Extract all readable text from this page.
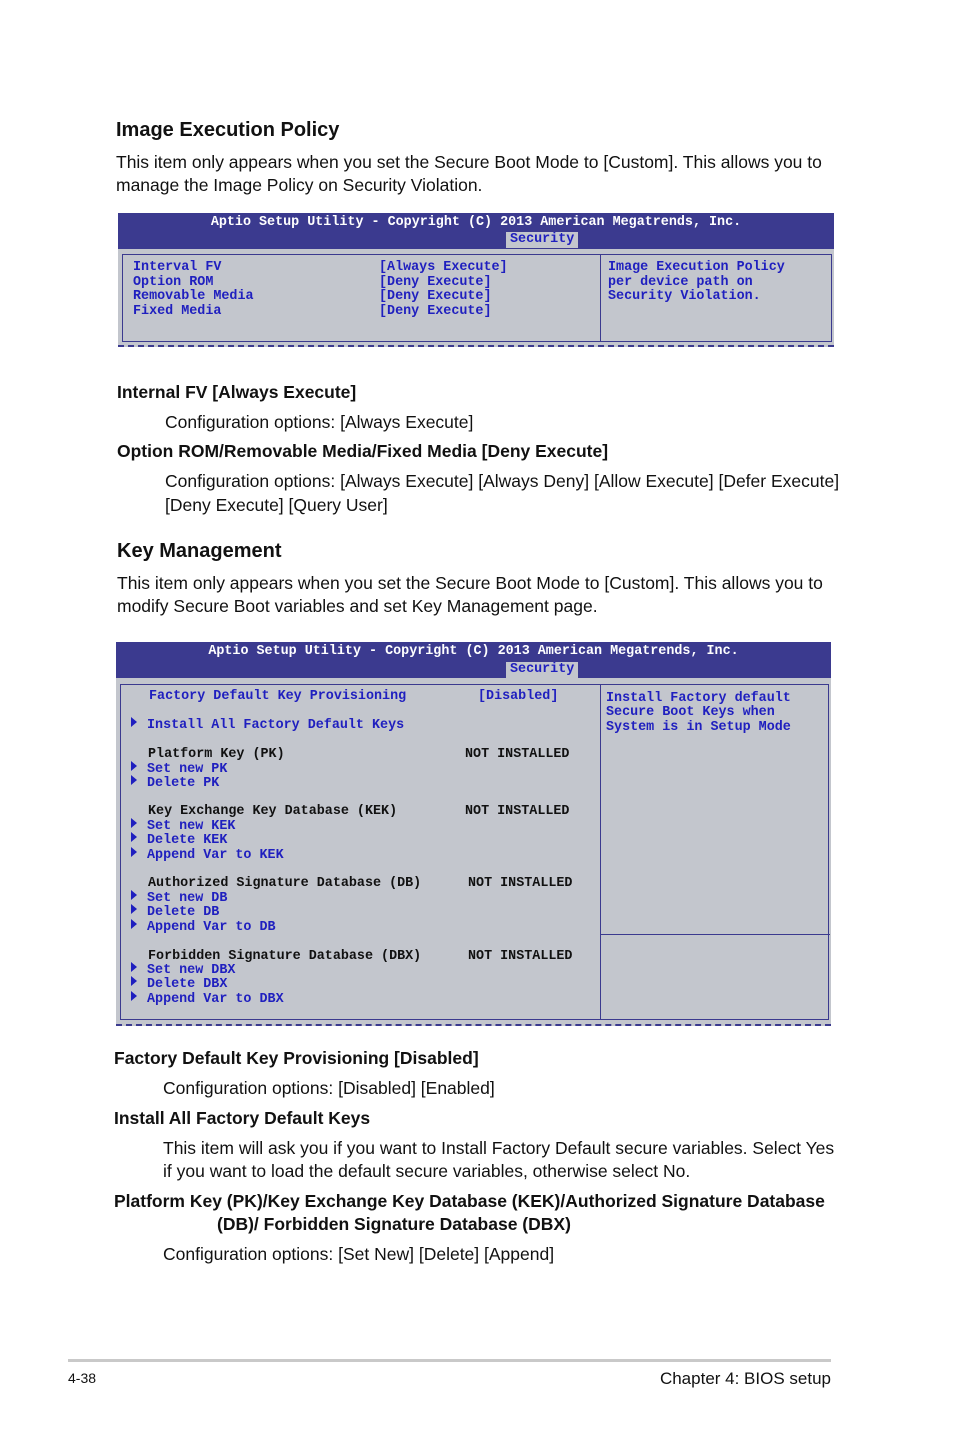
Image Execution Policy
This item only appears when you set the Secure Boot Mode to [Custom]. This allows you to
manage the Image Policy on Security Violation.
Aptio Setup Utility - Copyright (C) 2013 American Megatrends, Inc.
Security
Interval FV	[Always Execute]
Option ROM	[Deny Execute]
Removable Media	[Deny Execute]
Fixed Media	[Deny Execute]
Image Execution Policy
per device path on
Security Violation.
Internal FV [Always Execute]
Configuration options: [Always Execute]
Option ROM/Removable Media/Fixed Media [Deny Execute]
Configuration options: [Always Execute] [Always Deny] [Allow Execute] [Defer Execute]
[Deny Execute] [Query User]
Key Management
This item only appears when you set the Secure Boot Mode to [Custom]. This allows you to
modify Secure Boot variables and set Key Management page.
Aptio Setup Utility - Copyright (C) 2013 American Megatrends, Inc.
Security
Factory Default Key Provisioning	[Disabled]
Install All Factory Default Keys
Platform Key (PK)	NOT INSTALLED
Set new PK
Delete PK
Key Exchange Key Database (KEK)	NOT INSTALLED
Set new KEK
Delete KEK
Append Var to KEK
Authorized Signature Database (DB)	NOT INSTALLED
Set new DB
Delete DB
Append Var to DB
Forbidden Signature Database (DBX)	NOT INSTALLED
Set new DBX
Delete DBX
Append Var to DBX
Install Factory default
Secure Boot Keys when
System is in Setup Mode
Factory Default Key Provisioning [Disabled]
Configuration options: [Disabled] [Enabled]
Install All Factory Default Keys
This item will ask you if you want to Install Factory Default secure variables. Select Yes
if you want to load the default secure variables, otherwise select No.
Platform Key (PK)/Key Exchange Key Database (KEK)/Authorized Signature Database
(DB)/ Forbidden Signature Database (DBX)
Configuration options: [Set New] [Delete] [Append]
4-38	Chapter 4: BIOS setup
